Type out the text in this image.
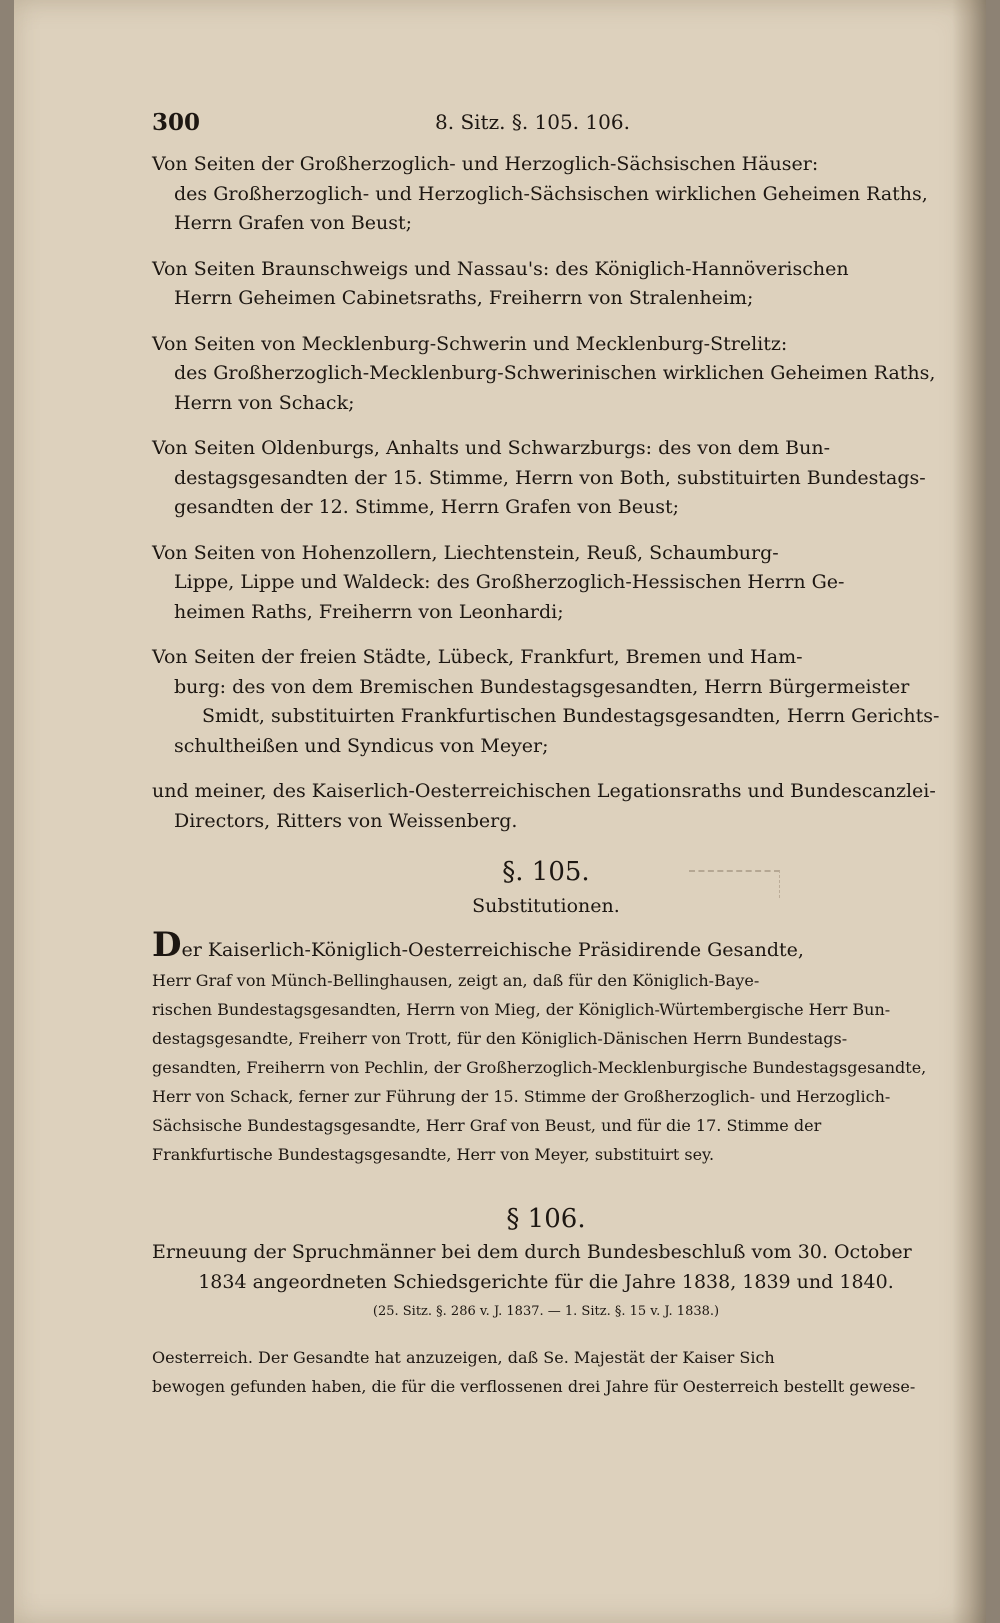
300	8. Sitz. §. 105. 106.
Von Seiten der Großherzoglich- und Herzoglich-Sächsischen Häuser:
des Großherzoglich- und Herzoglich-Sächsischen wirklichen Geheimen Raths,
Herrn Grafen von Beust;
Von Seiten Braunschweigs und Nassau's: des Königlich-Hannöverischen
Herrn Geheimen Cabinetsraths, Freiherrn von Stralenheim;
Von Seiten von Mecklenburg-Schwerin und Mecklenburg-Strelitz:
des Großherzoglich-Mecklenburg-Schwerinischen wirklichen Geheimen Raths,
Herrn von Schack;
Von Seiten Oldenburgs, Anhalts und Schwarzburgs: des von dem Bun-
destagsgesandten der 15. Stimme, Herrn von Both, substituirten Bundestags-
gesandten der 12. Stimme, Herrn Grafen von Beust;
Von Seiten von Hohenzollern, Liechtenstein, Reuß, Schaumburg-
Lippe, Lippe und Waldeck: des Großherzoglich-Hessischen Herrn Ge-
heimen Raths, Freiherrn von Leonhardi;
Von Seiten der freien Städte, Lübeck, Frankfurt, Bremen und Ham-
burg: des von dem Bremischen Bundestagsgesandten, Herrn Bürgermeister
Smidt, substituirten Frankfurtischen Bundestagsgesandten, Herrn Gerichts-
schultheißen und Syndicus von Meyer;
und meiner, des Kaiserlich-Oesterreichischen Legationsraths und Bundescanzlei-
Directors, Ritters von Weissenberg.
§. 105.
Substitutionen.
Der Kaiserlich-Königlich-Oesterreichische Präsidirende Gesandte,
Herr Graf von Münch-Bellinghausen, zeigt an, daß für den Königlich-Baye-
rischen Bundestagsgesandten, Herrn von Mieg, der Königlich-Würtembergische Herr Bun-
destagsgesandte, Freiherr von Trott, für den Königlich-Dänischen Herrn Bundestags-
gesandten, Freiherrn von Pechlin, der Großherzoglich-Mecklenburgische Bundestagsgesandte,
Herr von Schack, ferner zur Führung der 15. Stimme der Großherzoglich- und Herzoglich-
Sächsische Bundestagsgesandte, Herr Graf von Beust, und für die 17. Stimme der
Frankfurtische Bundestagsgesandte, Herr von Meyer, substituirt sey.
§ 106.
Erneuung der Spruchmänner bei dem durch Bundesbeschluß vom 30. October
1834 angeordneten Schiedsgerichte für die Jahre 1838, 1839 und 1840.
(25. Sitz. §. 286 v. J. 1837. — 1. Sitz. §. 15 v. J. 1838.)
Oesterreich. Der Gesandte hat anzuzeigen, daß Se. Majestät der Kaiser Sich
bewogen gefunden haben, die für die verflossenen drei Jahre für Oesterreich bestellt gewese-
